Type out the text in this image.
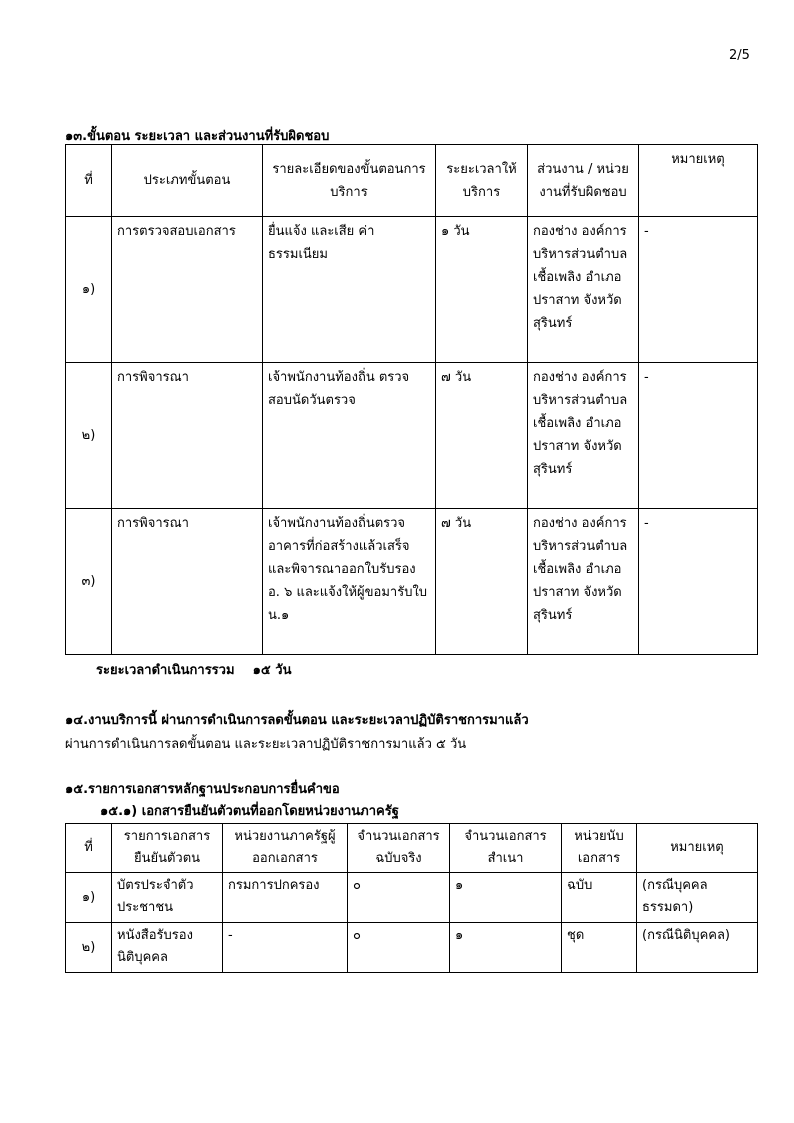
2/5
๑๓.ขั้นตอน ระยะเวลา และส่วนงานที่รับผิดชอบ
ที่	ประเภทขั้นตอน	รายละเอียดของขั้นตอนการบริการ	ระยะเวลาให้บริการ	ส่วนงาน / หน่วยงานที่รับผิดชอบ	หมายเหตุ
๑)	การตรวจสอบเอกสาร	ยื่นแจ้ง และเสีย ค่าธรรมเนียม	๑ วัน	กองช่าง องค์การบริหารส่วนตำบลเชื้อเพลิง อำเภอปราสาท จังหวัดสุรินทร์	-
๒)	การพิจารณา	เจ้าพนักงานท้องถิ่น ตรวจสอบนัดวันตรวจ	๗ วัน	กองช่าง องค์การบริหารส่วนตำบลเชื้อเพลิง อำเภอปราสาท จังหวัดสุรินทร์	-
๓)	การพิจารณา	เจ้าพนักงานท้องถิ่นตรวจอาคารที่ก่อสร้างแล้วเสร็จและพิจารณาออกใบรับรอง อ. ๖ และแจ้งให้ผู้ขอมารับใบ น.๑	๗ วัน	กองช่าง องค์การบริหารส่วนตำบลเชื้อเพลิง อำเภอปราสาท จังหวัดสุรินทร์	-
ระยะเวลาดำเนินการรวม ๑๕ วัน
๑๔.งานบริการนี้ ผ่านการดำเนินการลดขั้นตอน และระยะเวลาปฏิบัติราชการมาแล้ว
ผ่านการดำเนินการลดขั้นตอน และระยะเวลาปฏิบัติราชการมาแล้ว ๕ วัน
๑๕.รายการเอกสารหลักฐานประกอบการยื่นคำขอ
๑๕.๑) เอกสารยืนยันตัวตนที่ออกโดยหน่วยงานภาครัฐ
ที่	รายการเอกสารยืนยันตัวตน	หน่วยงานภาครัฐผู้ออกเอกสาร	จำนวนเอกสารฉบับจริง	จำนวนเอกสารสำเนา	หน่วยนับเอกสาร	หมายเหตุ
๑)	บัตรประจำตัวประชาชน	กรมการปกครอง	๐	๑	ฉบับ	(กรณีบุคคลธรรมดา)
๒)	หนังสือรับรองนิติบุคคล	-	๐	๑	ชุด	(กรณีนิติบุคคล)
